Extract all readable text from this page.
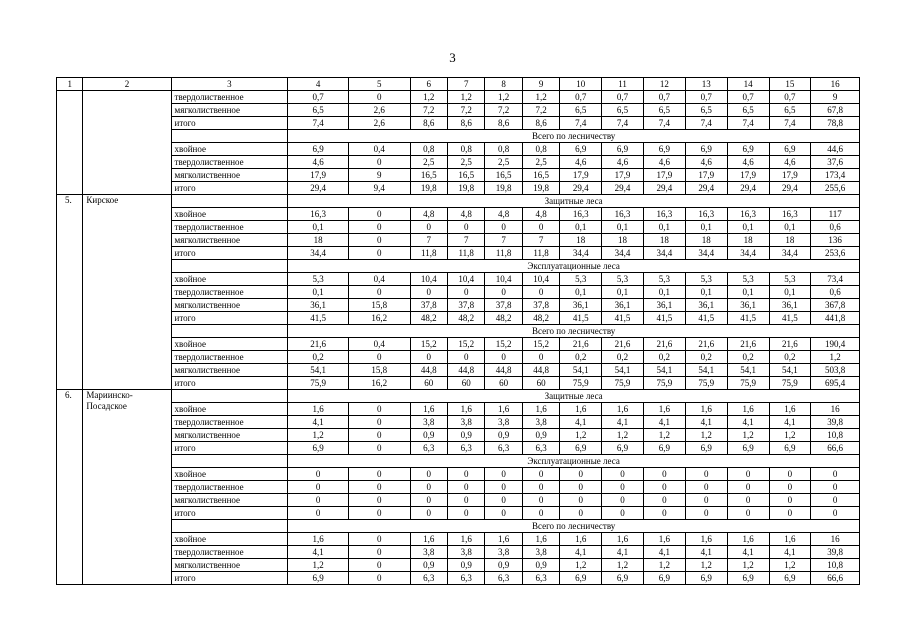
3
1	2	3	4	5	6	7	8	9	10	11	12	13	14	15	16
		твердолиственное	0,7	0	1,2	1,2	1,2	1,2	0,7	0,7	0,7	0,7	0,7	0,7	9
		мягколиственное	6,5	2,6	7,2	7,2	7,2	7,2	6,5	6,5	6,5	6,5	6,5	6,5	67,8
		итого	7,4	2,6	8,6	8,6	8,6	8,6	7,4	7,4	7,4	7,4	7,4	7,4	78,8
			Всего по лесничеству												
		хвойное	6,9	0,4	0,8	0,8	0,8	0,8	6,9	6,9	6,9	6,9	6,9	6,9	44,6
		твердолиственное	4,6	0	2,5	2,5	2,5	2,5	4,6	4,6	4,6	4,6	4,6	4,6	37,6
		мягколиственное	17,9	9	16,5	16,5	16,5	16,5	17,9	17,9	17,9	17,9	17,9	17,9	173,4
		итого	29,4	9,4	19,8	19,8	19,8	19,8	29,4	29,4	29,4	29,4	29,4	29,4	255,6
5.	Кирское		Защитные леса												
		хвойное	16,3	0	4,8	4,8	4,8	4,8	16,3	16,3	16,3	16,3	16,3	16,3	117
		твердолиственное	0,1	0	0	0	0	0	0,1	0,1	0,1	0,1	0,1	0,1	0,6
		мягколиственное	18	0	7	7	7	7	18	18	18	18	18	18	136
		итого	34,4	0	11,8	11,8	11,8	11,8	34,4	34,4	34,4	34,4	34,4	34,4	253,6
			Эксплуатационные леса												
		хвойное	5,3	0,4	10,4	10,4	10,4	10,4	5,3	5,3	5,3	5,3	5,3	5,3	73,4
		твердолиственное	0,1	0	0	0	0	0	0,1	0,1	0,1	0,1	0,1	0,1	0,6
		мягколиственное	36,1	15,8	37,8	37,8	37,8	37,8	36,1	36,1	36,1	36,1	36,1	36,1	367,8
		итого	41,5	16,2	48,2	48,2	48,2	48,2	41,5	41,5	41,5	41,5	41,5	41,5	441,8
			Всего по лесничеству												
		хвойное	21,6	0,4	15,2	15,2	15,2	15,2	21,6	21,6	21,6	21,6	21,6	21,6	190,4
		твердолиственное	0,2	0	0	0	0	0	0,2	0,2	0,2	0,2	0,2	0,2	1,2
		мягколиственное	54,1	15,8	44,8	44,8	44,8	44,8	54,1	54,1	54,1	54,1	54,1	54,1	503,8
		итого	75,9	16,2	60	60	60	60	75,9	75,9	75,9	75,9	75,9	75,9	695,4
6.	Мариинско-Посадское		Защитные леса												
		хвойное	1,6	0	1,6	1,6	1,6	1,6	1,6	1,6	1,6	1,6	1,6	1,6	16
		твердолиственное	4,1	0	3,8	3,8	3,8	3,8	4,1	4,1	4,1	4,1	4,1	4,1	39,8
		мягколиственное	1,2	0	0,9	0,9	0,9	0,9	1,2	1,2	1,2	1,2	1,2	1,2	10,8
		итого	6,9	0	6,3	6,3	6,3	6,3	6,9	6,9	6,9	6,9	6,9	6,9	66,6
			Эксплуатационные леса												
		хвойное	0	0	0	0	0	0	0	0	0	0	0	0	0
		твердолиственное	0	0	0	0	0	0	0	0	0	0	0	0	0
		мягколиственное	0	0	0	0	0	0	0	0	0	0	0	0	0
		итого	0	0	0	0	0	0	0	0	0	0	0	0	0
			Всего по лесничеству												
		хвойное	1,6	0	1,6	1,6	1,6	1,6	1,6	1,6	1,6	1,6	1,6	1,6	16
		твердолиственное	4,1	0	3,8	3,8	3,8	3,8	4,1	4,1	4,1	4,1	4,1	4,1	39,8
		мягколиственное	1,2	0	0,9	0,9	0,9	0,9	1,2	1,2	1,2	1,2	1,2	1,2	10,8
		итого	6,9	0	6,3	6,3	6,3	6,3	6,9	6,9	6,9	6,9	6,9	6,9	66,6
